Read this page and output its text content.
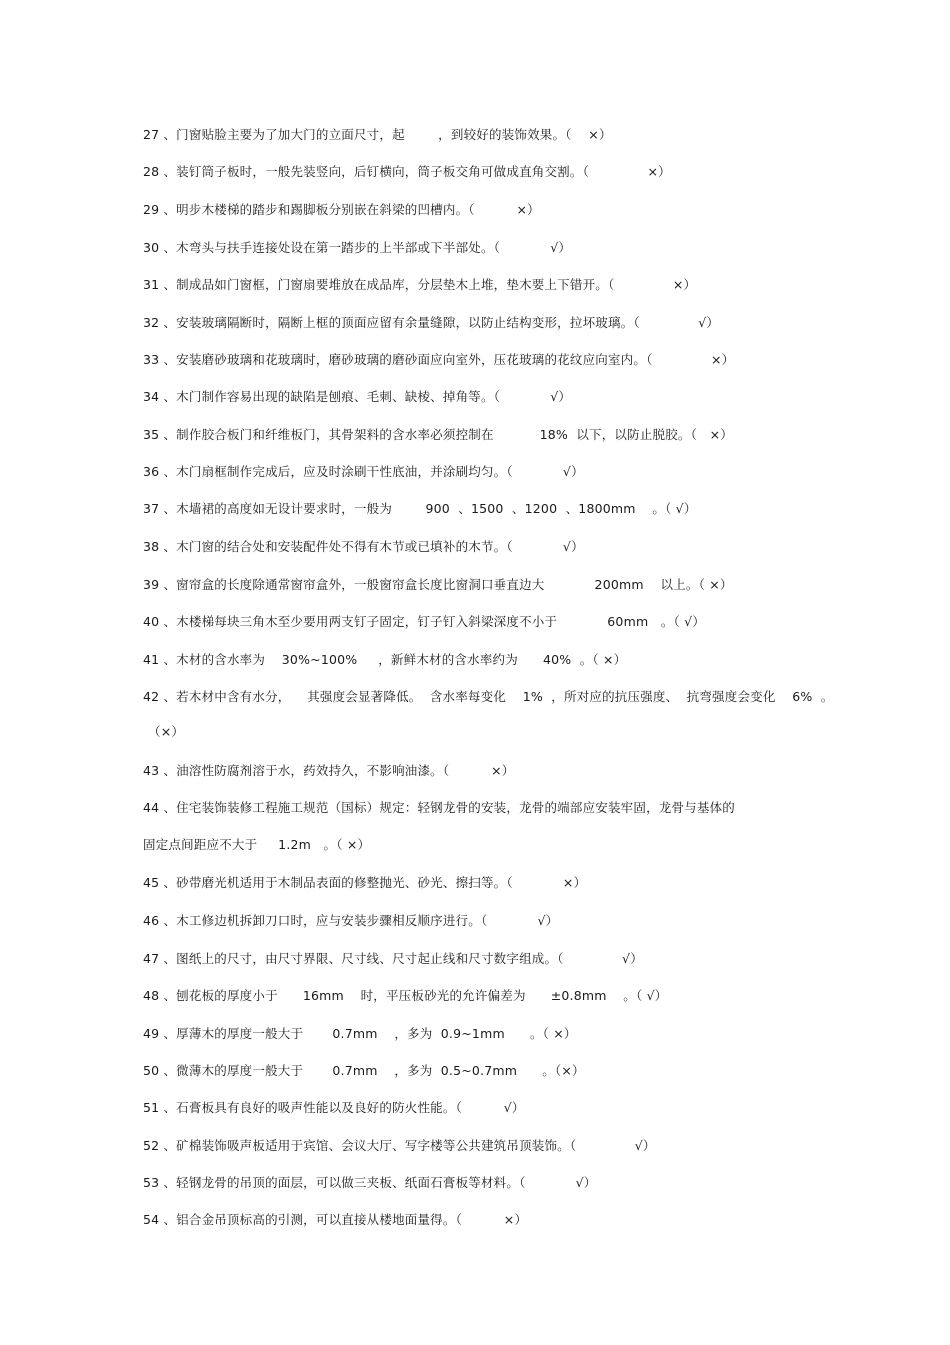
27 、门窗贴脸主要为了加大门的立面尺寸，起        ，到较好的装饰效果。（    ×）
28 、装钉筒子板时，一般先装竖向，后钉横向，筒子板交角可做成直角交割。（              ×）
29 、明步木楼梯的踏步和踢脚板分别嵌在斜梁的凹槽内。（          ×）
30 、木弯头与扶手连接处设在第一踏步的上半部或下半部处。（            √）
31 、制成品如门窗框，门窗扇要堆放在成品库，分层垫木上堆，垫木要上下错开。（              ×）
32 、安装玻璃隔断时，隔断上框的顶面应留有余量缝隙，以防止结构变形，拉坏玻璃。（              √）
33 、安装磨砂玻璃和花玻璃时，磨砂玻璃的磨砂面应向室外，压花玻璃的花纹应向室内。（              ×）
34 、木门制作容易出现的缺陷是刨痕、毛刺、缺棱、掉角等。（            √）
35 、制作胶合板门和纤维板门，其骨架料的含水率必须控制在           18%  以下，以防止脱胶。（   ×）
36 、木门扇框制作完成后，应及时涂刷干性底油，并涂刷均匀。（            √）
37 、木墙裙的高度如无设计要求时，一般为        900  、1500  、1200  、1800mm    。（ √）
38 、木门窗的结合处和安装配件处不得有木节或已填补的木节。（            √）
39 、窗帘盒的长度除通常窗帘盒外，一般窗帘盒长度比窗洞口垂直边大            200mm    以上。（ ×）
40 、木楼梯每块三角木至少要用两支钉子固定，钉子钉入斜梁深度不小于            60mm   。（ √）
41 、木材的含水率为    30%~100%     ，新鲜木材的含水率约为      40%  。（ ×）
42 、若木材中含有水分，    其强度会显著降低。  含水率每变化    1%  ，所对应的抗压强度、  抗弯强度会变化    6%  。
（×）
43 、油溶性防腐剂溶于水，药效持久，不影响油漆。（          ×）
44 、住宅装饰装修工程施工规范（国标）规定：轻钢龙骨的安装，龙骨的端部应安装牢固，龙骨与基体的
固定点间距应不大于     1.2m   。（ ×）
45 、砂带磨光机适用于木制品表面的修整抛光、砂光、擦扫等。（            ×）
46 、木工修边机拆卸刀口时，应与安装步骤相反顺序进行。（            √）
47 、图纸上的尺寸，由尺寸界限、尺寸线、尺寸起止线和尺寸数字组成。（              √）
48 、刨花板的厚度小于      16mm    时，平压板砂光的允许偏差为      ±0.8mm    。（ √）
49 、厚薄木的厚度一般大于       0.7mm    ，多为  0.9~1mm      。（ ×）
50 、微薄木的厚度一般大于       0.7mm    ，多为  0.5~0.7mm      。（×）
51 、石膏板具有良好的吸声性能以及良好的防火性能。（          √）
52 、矿棉装饰吸声板适用于宾馆、会议大厅、写字楼等公共建筑吊顶装饰。（              √）
53 、轻钢龙骨的吊顶的面层，可以做三夹板、纸面石膏板等材料。（            √）
54 、铝合金吊顶标高的引测，可以直接从楼地面量得。（          ×）
